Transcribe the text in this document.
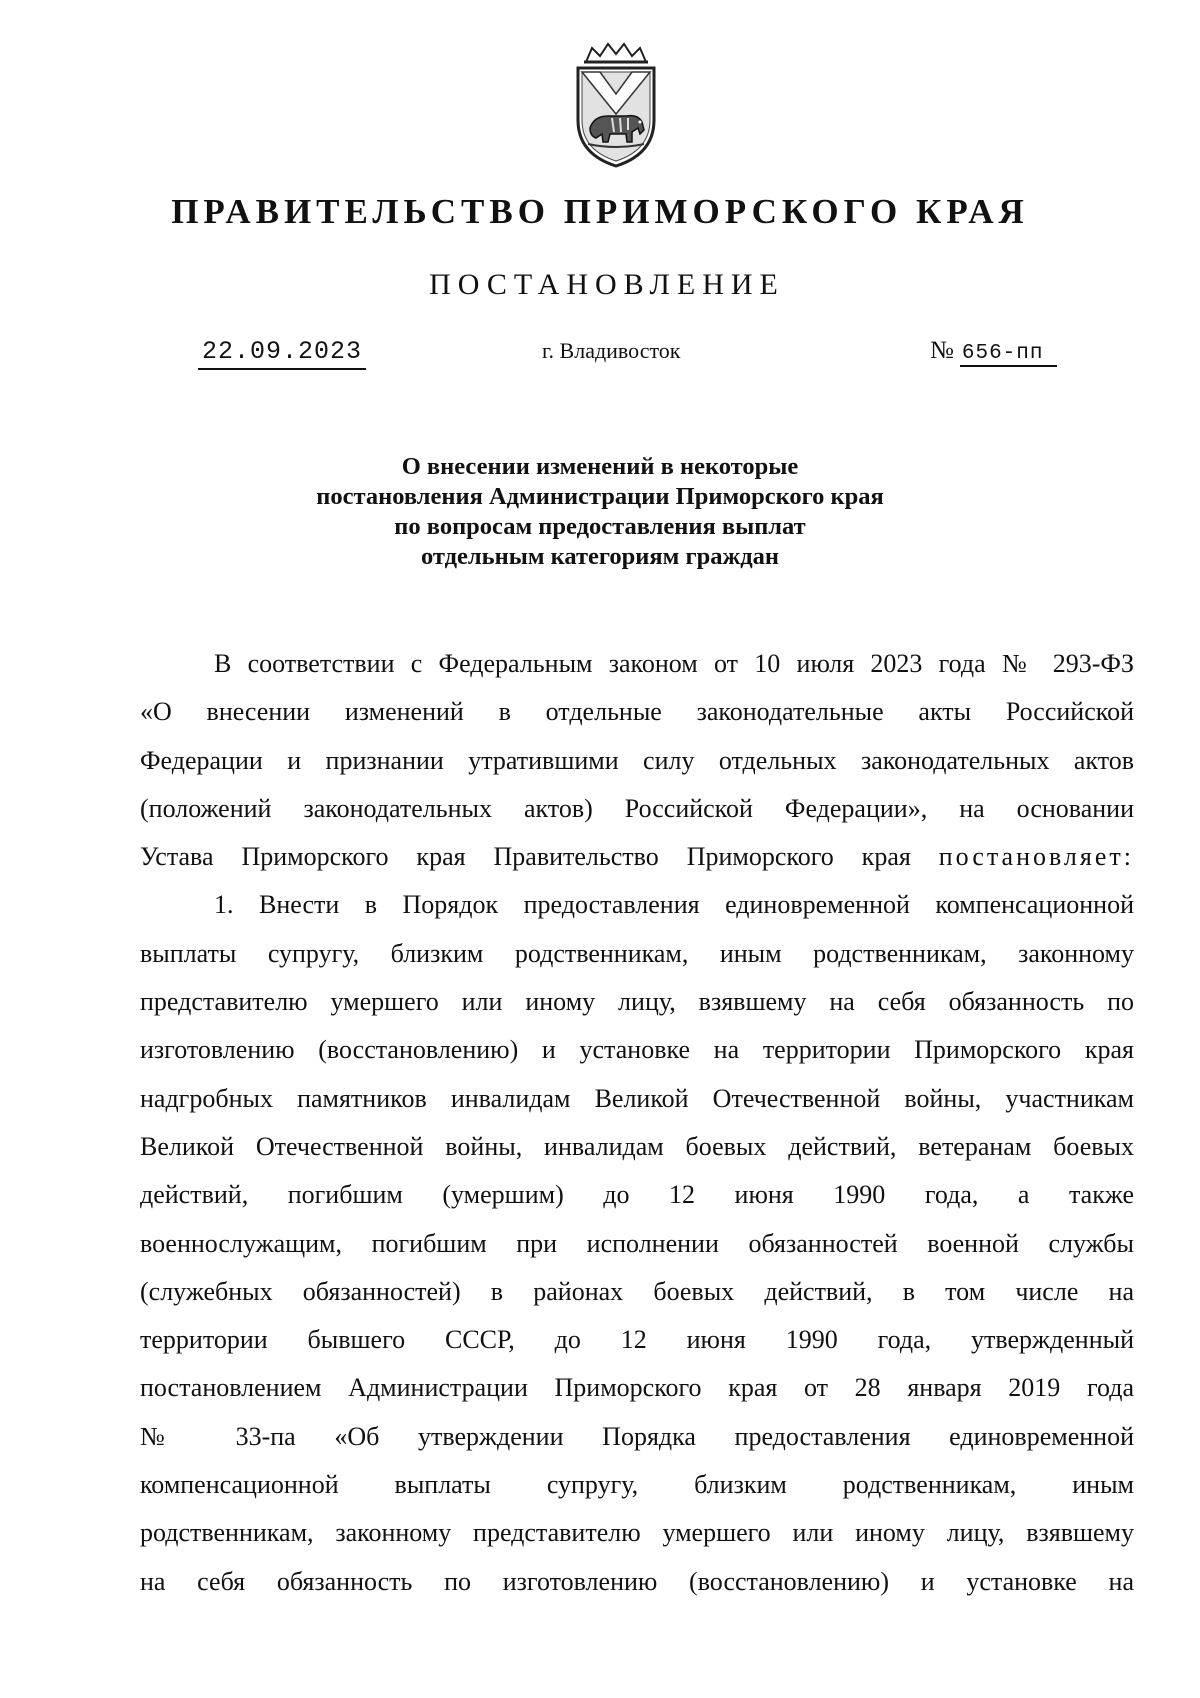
ПРАВИТЕЛЬСТВО ПРИМОРСКОГО КРАЯ
ПОСТАНОВЛЕНИЕ
22.09.2023	г. Владивосток	№ 656-пп
О внесении изменений в некоторые
постановления Администрации Приморского края
по вопросам предоставления выплат
отдельным категориям граждан
В соответствии с Федеральным законом от 10 июля 2023 года № 293-ФЗ
«О внесении изменений в отдельные законодательные акты Российской
Федерации и признании утратившими силу отдельных законодательных актов
(положений законодательных актов) Российской Федерации», на основании
Устава Приморского края Правительство Приморского края постановляет:
1. Внести в Порядок предоставления единовременной компенсационной
выплаты супругу, близким родственникам, иным родственникам, законному
представителю умершего или иному лицу, взявшему на себя обязанность по
изготовлению (восстановлению) и установке на территории Приморского края
надгробных памятников инвалидам Великой Отечественной войны, участникам
Великой Отечественной войны, инвалидам боевых действий, ветеранам боевых
действий, погибшим (умершим) до 12 июня 1990 года, а также
военнослужащим, погибшим при исполнении обязанностей военной службы
(служебных обязанностей) в районах боевых действий, в том числе на
территории бывшего СССР, до 12 июня 1990 года, утвержденный
постановлением Администрации Приморского края от 28 января 2019 года
№ 33-па «Об утверждении Порядка предоставления единовременной
компенсационной выплаты супругу, близким родственникам, иным
родственникам, законному представителю умершего или иному лицу, взявшему
на себя обязанность по изготовлению (восстановлению) и установке на
